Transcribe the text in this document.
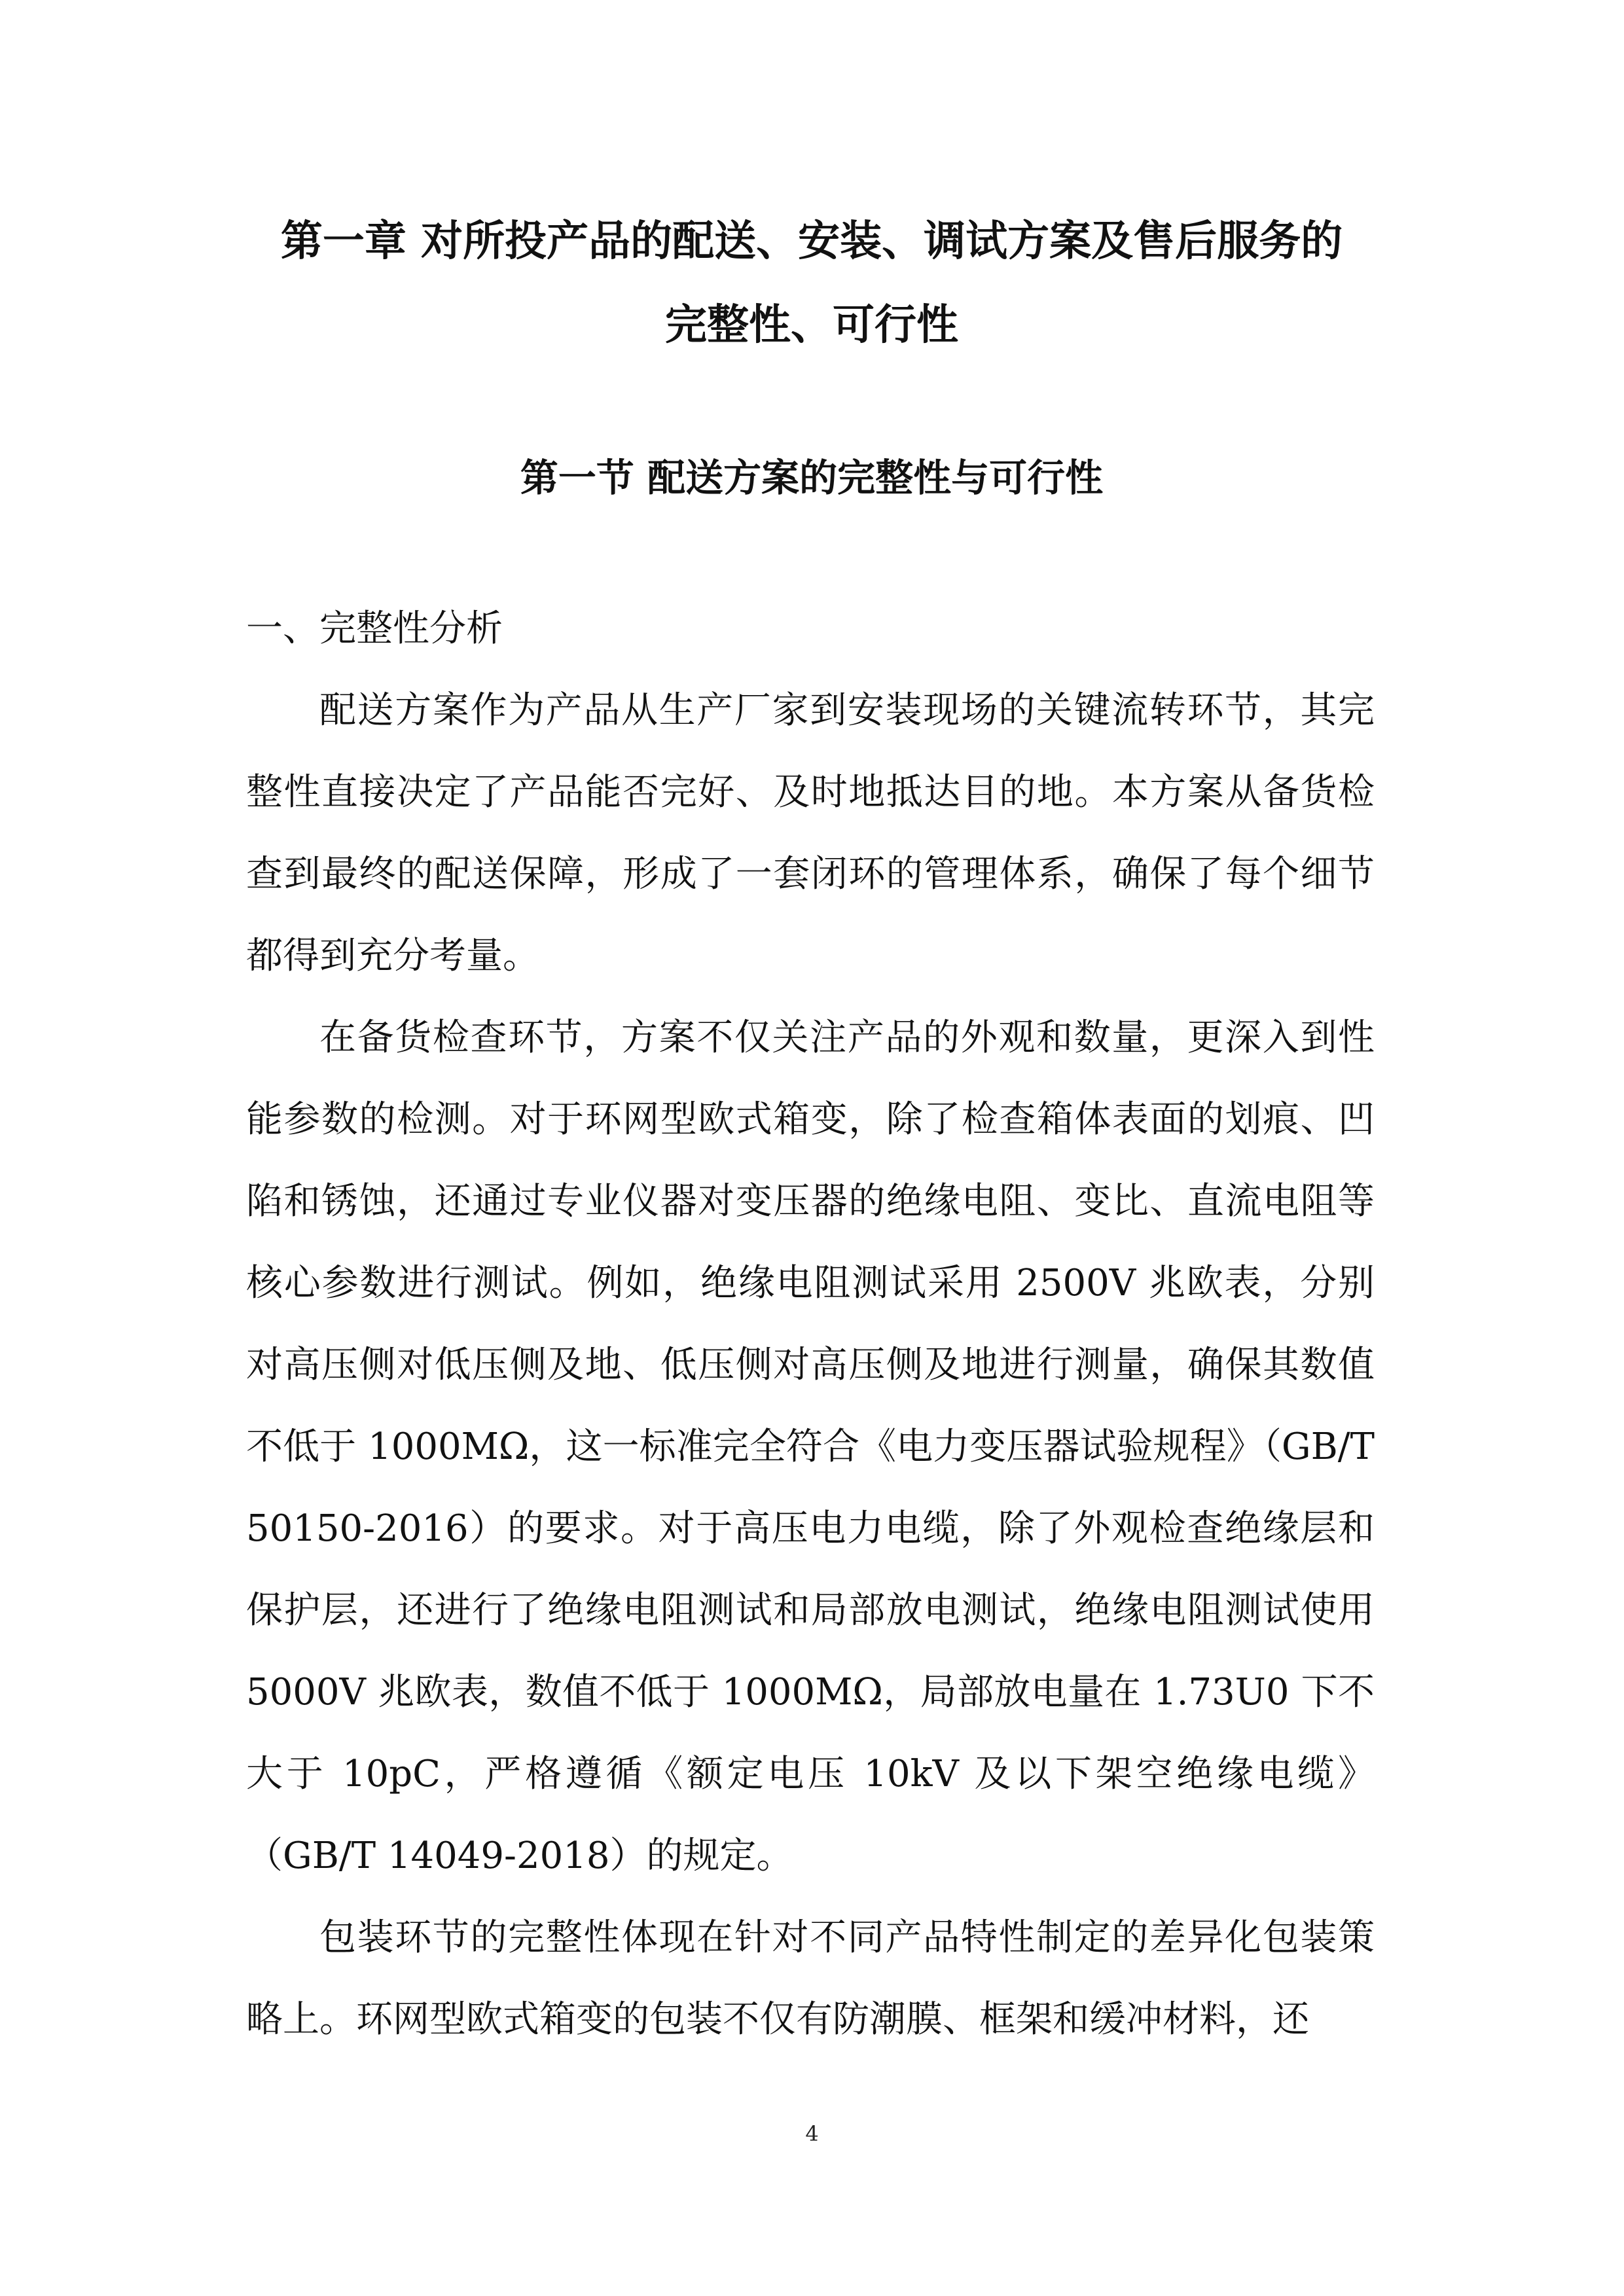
第一章 对所投产品的配送、安装、调试方案及售后服务的
完整性、可行性
第一节 配送方案的完整性与可行性
一、完整性分析

配送方案作为产品从生产厂家到安装现场的关键流转环节，其完整性直接决定了产品能否完好、及时地抵达目的地。本方案从备货检查到最终的配送保障，形成了一套闭环的管理体系，确保了每个细节都得到充分考量。

在备货检查环节，方案不仅关注产品的外观和数量，更深入到性能参数的检测。对于环网型欧式箱变，除了检查箱体表面的划痕、凹陷和锈蚀，还通过专业仪器对变压器的绝缘电阻、变比、直流电阻等核心参数进行测试。例如，绝缘电阻测试采用 2500V 兆欧表，分别对高压侧对低压侧及地、低压侧对高压侧及地进行测量，确保其数值不低于 1000MΩ，这一标准完全符合《电力变压器试验规程》（GB/T 50150-2016）的要求。对于高压电力电缆，除了外观检查绝缘层和保护层，还进行了绝缘电阻测试和局部放电测试，绝缘电阻测试使用 5000V 兆欧表，数值不低于 1000MΩ，局部放电量在 1.73U0 下不大于 10pC，严格遵循《额定电压 10kV 及以下架空绝缘电缆》（GB/T 14049-2018）的规定。

包装环节的完整性体现在针对不同产品特性制定的差异化包装策略上。环网型欧式箱变的包装不仅有防潮膜、框架和缓冲材料，还

4
